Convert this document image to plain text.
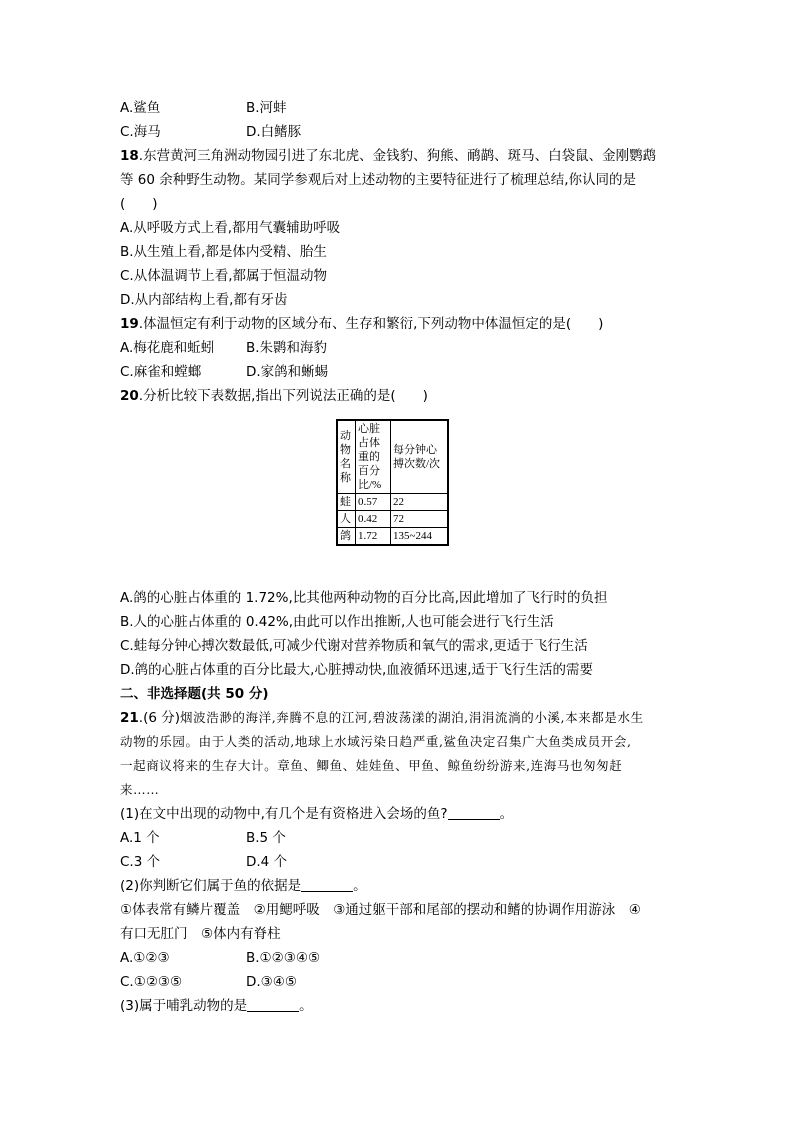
A.鲨鱼	B.河蚌
C.海马	D.白鳍豚
18.东营黄河三角洲动物园引进了东北虎、金钱豹、狗熊、鸸鹋、斑马、白袋鼠、金刚鹦鹉
等 60 余种野生动物。某同学参观后对上述动物的主要特征进行了梳理总结,你认同的是
(　　)
A.从呼吸方式上看,都用气囊辅助呼吸
B.从生殖上看,都是体内受精、胎生
C.从体温调节上看,都属于恒温动物
D.从内部结构上看,都有牙齿
19.体温恒定有利于动物的区域分布、生存和繁衍,下列动物中体温恒定的是(　　)
A.梅花鹿和蚯蚓	B.朱鹮和海豹
C.麻雀和螳螂	D.家鸽和蜥蜴
20.分析比较下表数据,指出下列说法正确的是(　　)
动物名称	心脏占体重的百分比/%	每分钟心搏次数/次
蛙	0.57	22
人	0.42	72
鸽	1.72	135~244
A.鸽的心脏占体重的 1.72%,比其他两种动物的百分比高,因此增加了飞行时的负担
B.人的心脏占体重的 0.42%,由此可以作出推断,人也可能会进行飞行生活
C.蛙每分钟心搏次数最低,可减少代谢对营养物质和氧气的需求,更适于飞行生活
D.鸽的心脏占体重的百分比最大,心脏搏动快,血液循环迅速,适于飞行生活的需要
二、非选择题(共 50 分)
21.(6 分)烟波浩渺的海洋,奔腾不息的江河,碧波荡漾的湖泊,涓涓流淌的小溪,本来都是水生
动物的乐园。由于人类的活动,地球上水域污染日趋严重,鲨鱼决定召集广大鱼类成员开会,
一起商议将来的生存大计。章鱼、鲫鱼、娃娃鱼、甲鱼、鲸鱼纷纷游来,连海马也匆匆赶
来……
(1)在文中出现的动物中,有几个是有资格进入会场的鱼?	。
A.1 个	B.5 个
C.3 个	D.4 个
(2)你判断它们属于鱼的依据是	。
①体表常有鳞片覆盖　②用鳃呼吸　③通过躯干部和尾部的摆动和鳍的协调作用游泳　④
有口无肛门　⑤体内有脊柱
A.①②③	B.①②③④⑤
C.①②③⑤	D.③④⑤
(3)属于哺乳动物的是	。
